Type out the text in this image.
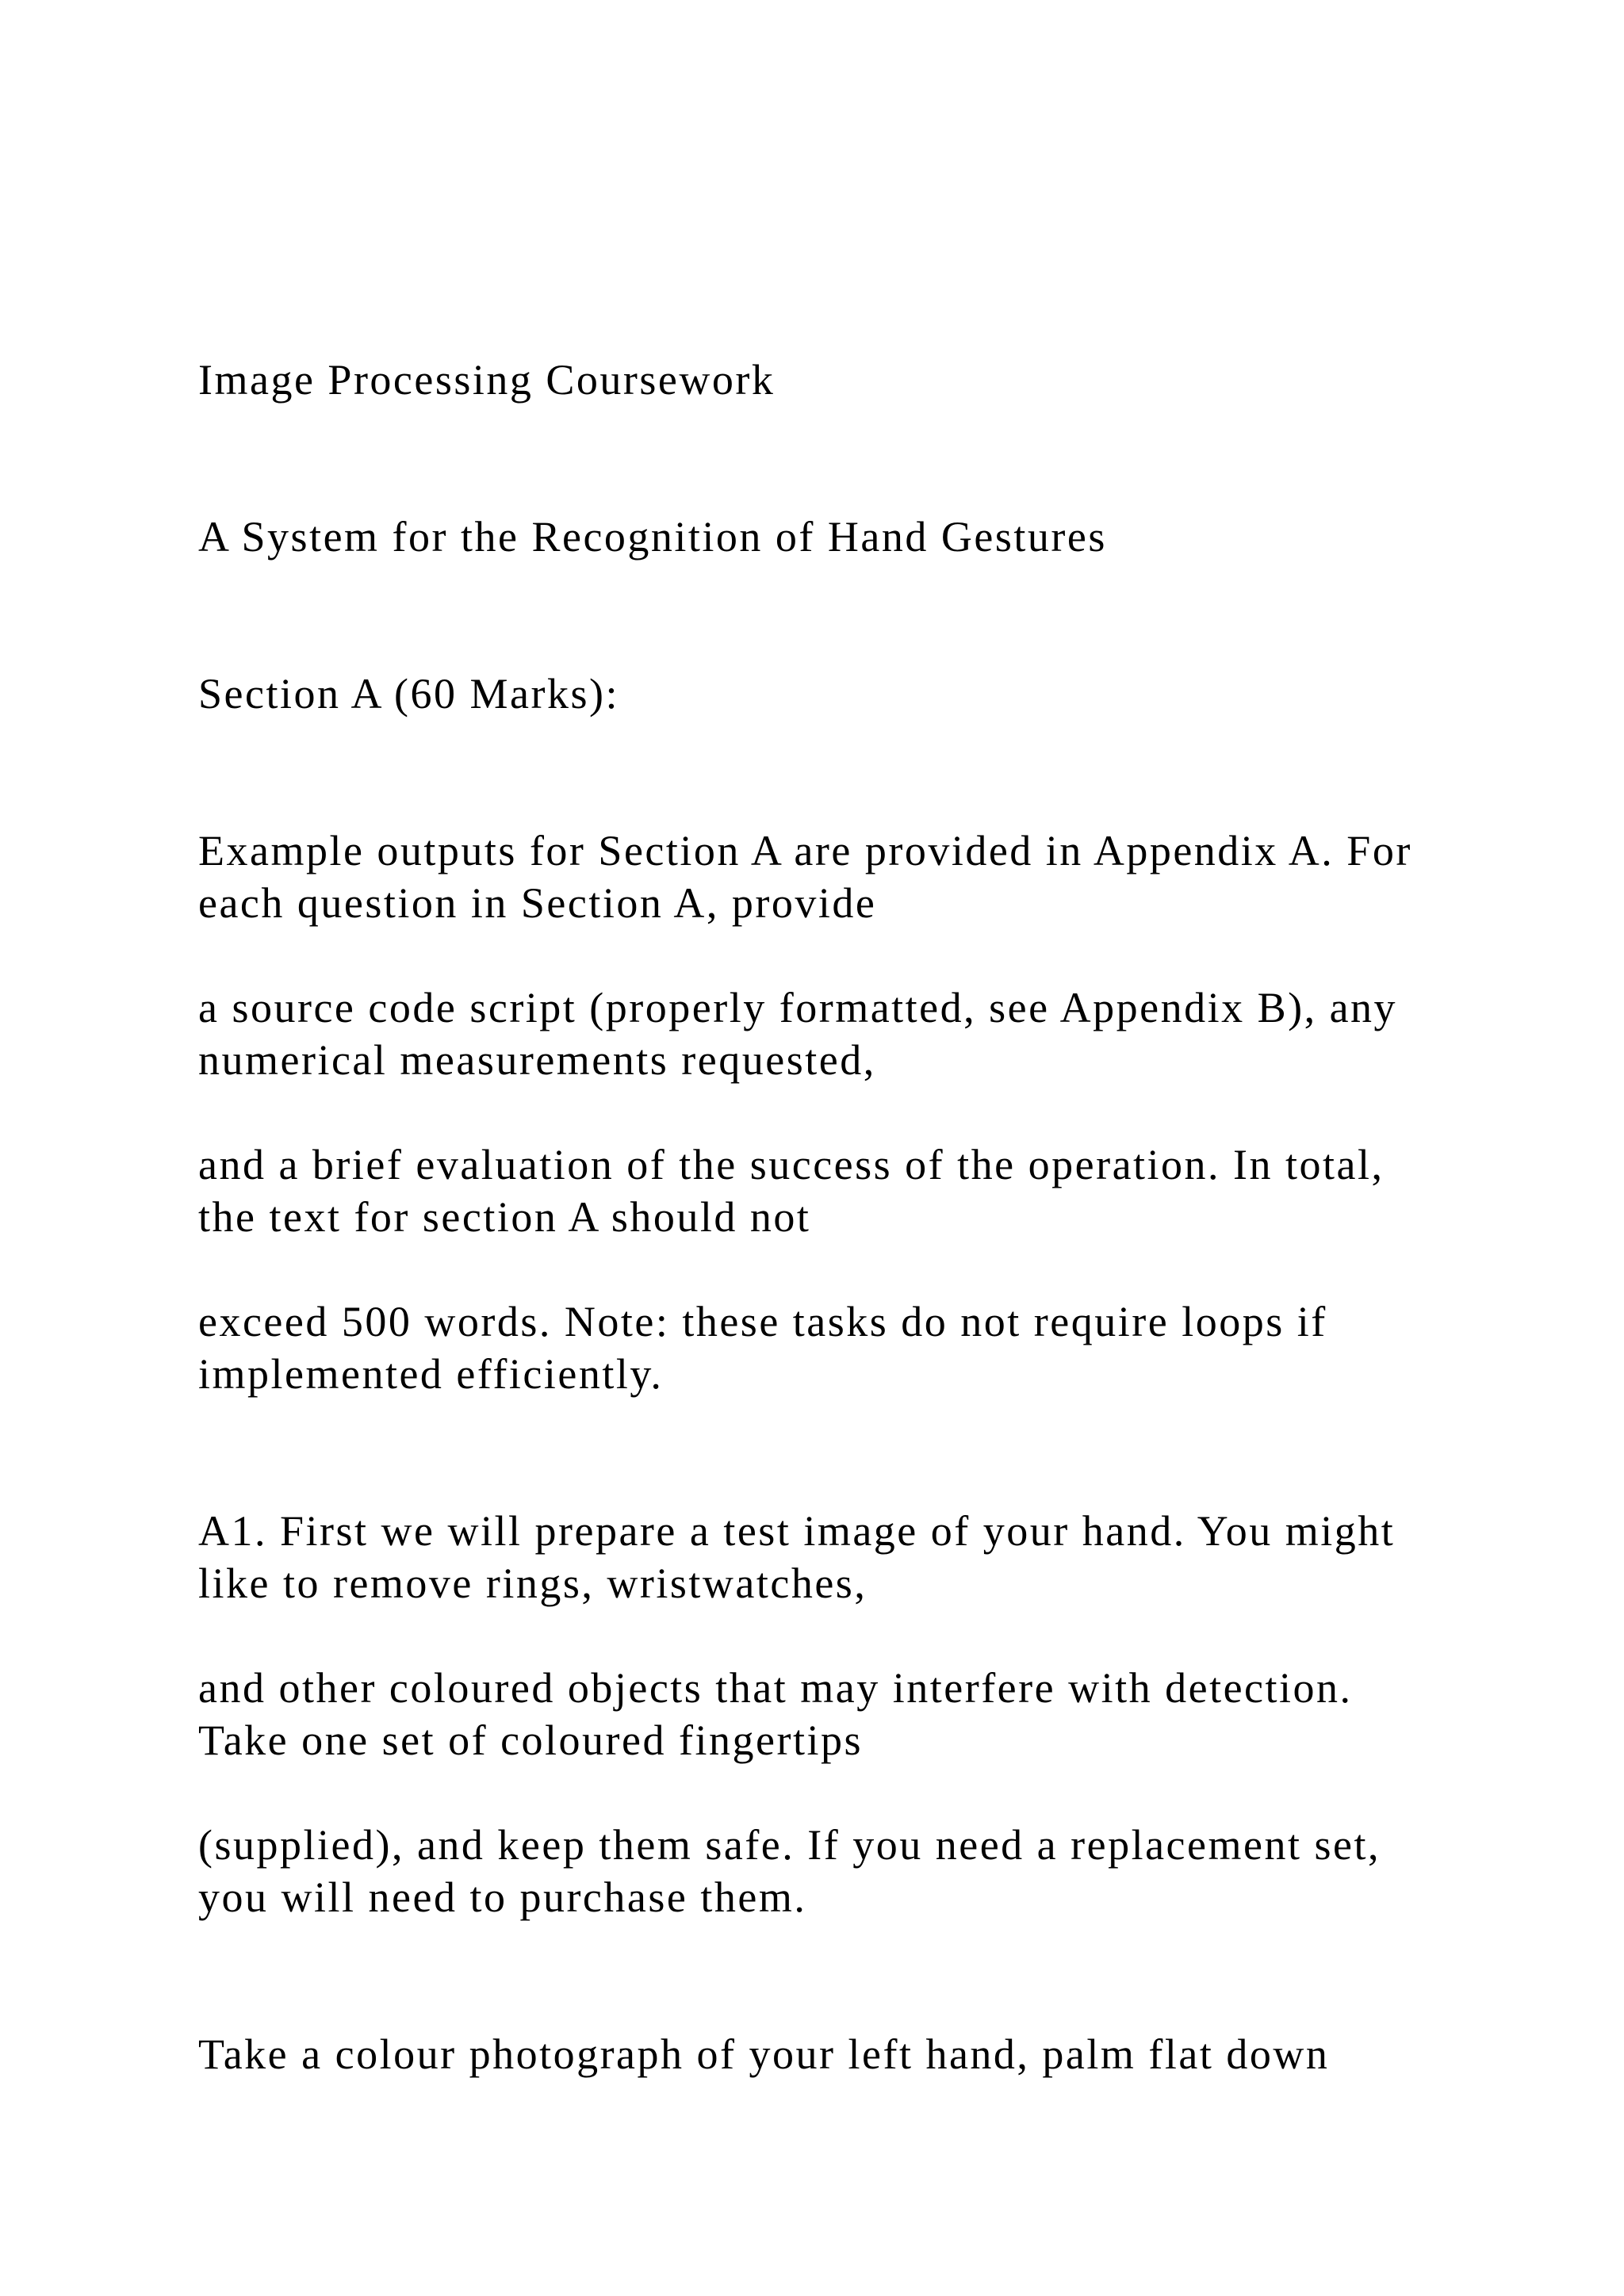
Image Processing Coursework

A System for the Recognition of Hand Gestures

Section A (60 Marks):

Example outputs for Section A are provided in Appendix A. For

each question in Section A, provide

a source code script (properly formatted, see Appendix B), any

numerical measurements requested,

and a brief evaluation of the success of the operation. In total,

the text for section A should not

exceed 500 words. Note: these tasks do not require loops if

implemented efficiently.

A1. First we will prepare a test image of your hand. You might

like to remove rings, wristwatches,

and other coloured objects that may interfere with detection.

Take one set of coloured fingertips

(supplied), and keep them safe. If you need a replacement set,

you will need to purchase them.

Take a colour photograph of your left hand, palm flat down
